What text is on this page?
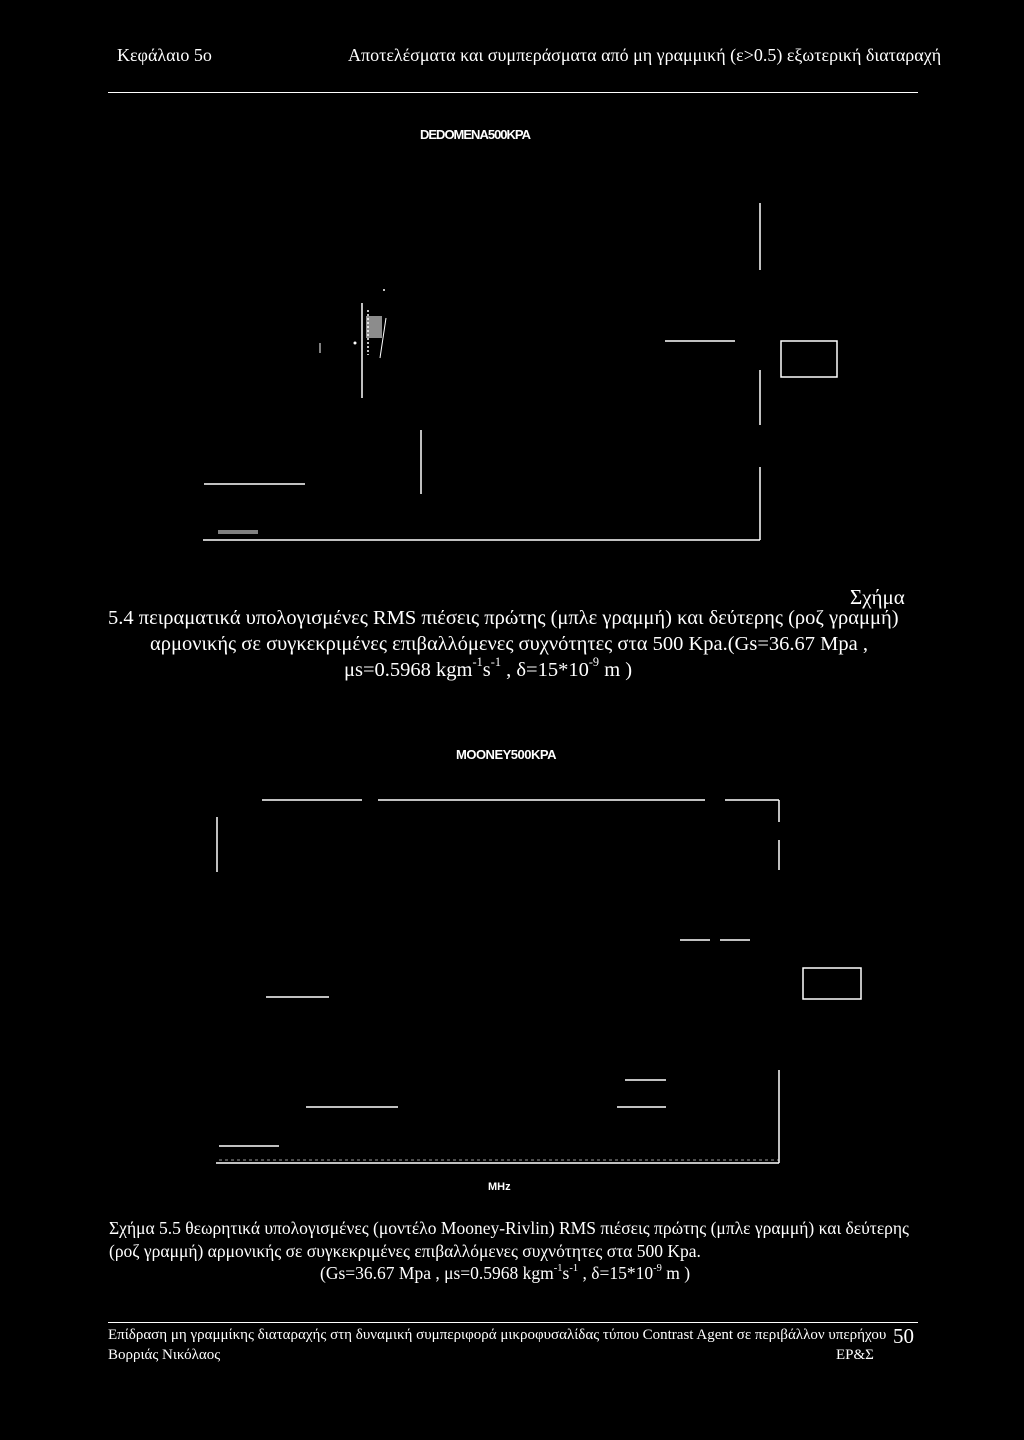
Κεφάλαιο 5ο	Αποτελέσματα και συμπεράσματα από μη γραμμική (ε>0.5) εξωτερική διαταραχή
DEDOMENA500KPA
Σχήμα
5.4 πειραματικά υπολογισμένες RMS πιέσεις πρώτης (μπλε γραμμή) και δεύτερης (ροζ γραμμή)
αρμονικής σε συγκεκριμένες επιβαλλόμενες συχνότητες στα 500 Kpa.(Gs=36.67 Mpa ,
μs=0.5968 $kgm^{-1}s^{-1}$ , $\delta=15*10^{-9}$ m )
MOONEY500KPA
MHz
Σχήμα 5.5 θεωρητικά υπολογισμένες (μοντέλο Mooney-Rivlin) RMS πιέσεις πρώτης (μπλε γραμμή) και δεύτερης
(ροζ γραμμή) αρμονικής σε συγκεκριμένες επιβαλλόμενες συχνότητες στα 500 Kpa.
(Gs=36.67 Mpa , μs=0.5968 $kgm^{-1}s^{-1}$ , $\delta=15*10^{-9}$ m )
Επίδραση μη γραμμίκης διαταραχής στη δυναμική συμπεριφορά μικροφυσαλίδας τύπου Contrast Agent σε περιβάλλον υπερήχου
Βορριάς Νικόλαος	ΕΡ&Σ
50
